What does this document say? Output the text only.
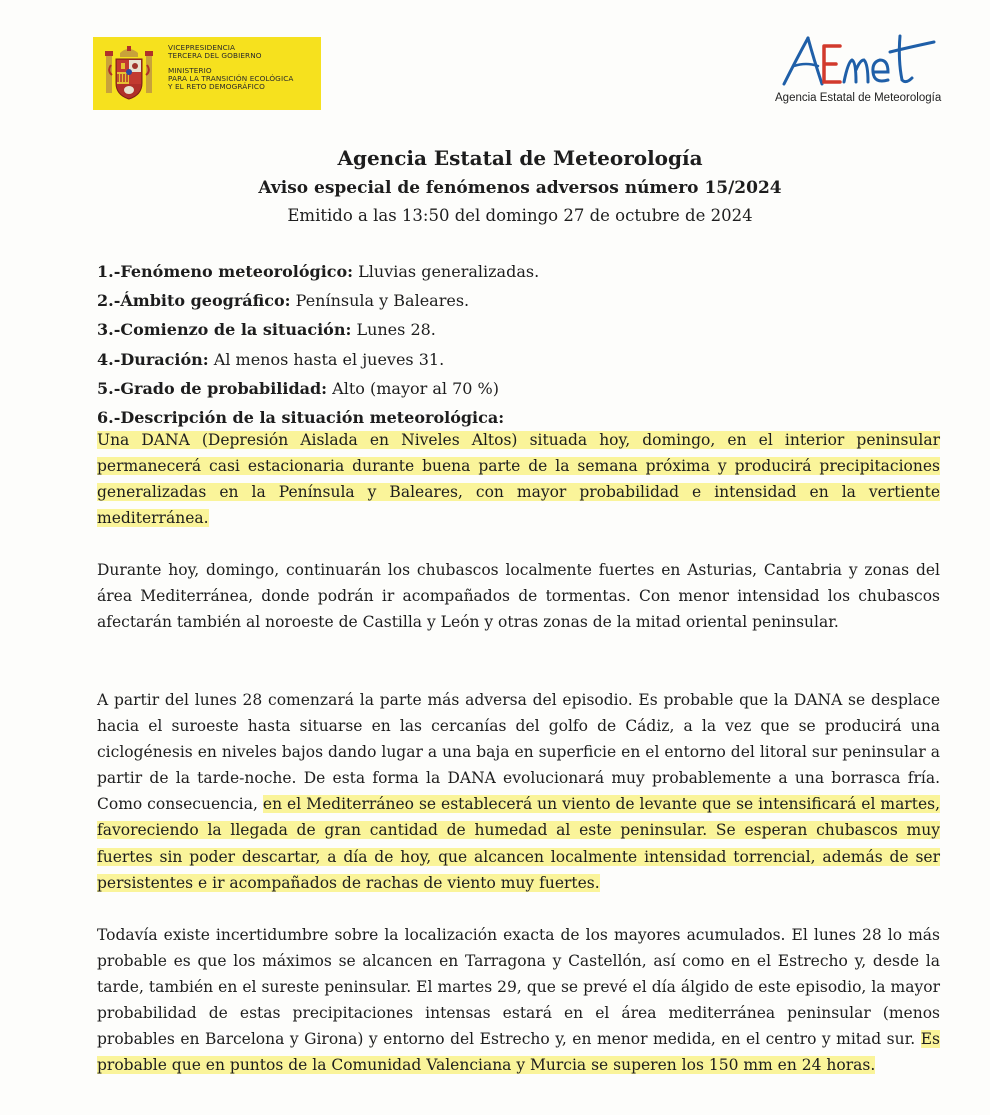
VICEPRESIDENCIA
TERCERA DEL GOBIERNO
MINISTERIO
PARA LA TRANSICIÓN ECOLÓGICA
Y EL RETO DEMOGRÁFICO
Agencia Estatal de Meteorología
Agencia Estatal de Meteorología
Aviso especial de fenómenos adversos número 15/2024
Emitido a las 13:50 del domingo 27 de octubre de 2024
1.-Fenómeno meteorológico: Lluvias generalizadas.
2.-Ámbito geográfico: Península y Baleares.
3.-Comienzo de la situación: Lunes 28.
4.-Duración: Al menos hasta el jueves 31.
5.-Grado de probabilidad: Alto (mayor al 70 %)
6.-Descripción de la situación meteorológica:
Una DANA (Depresión Aislada en Niveles Altos) situada hoy, domingo, en el interior peninsular permanecerá casi estacionaria durante buena parte de la semana próxima y producirá precipitaciones generalizadas en la Península y Baleares, con mayor probabilidad e intensidad en la vertiente mediterránea.
Durante hoy, domingo, continuarán los chubascos localmente fuertes en Asturias, Cantabria y zonas del área Mediterránea, donde podrán ir acompañados de tormentas. Con menor intensidad los chubascos afectarán también al noroeste de Castilla y León y otras zonas de la mitad oriental peninsular.
A partir del lunes 28 comenzará la parte más adversa del episodio. Es probable que la DANA se desplace hacia el suroeste hasta situarse en las cercanías del golfo de Cádiz, a la vez que se producirá una ciclogénesis en niveles bajos dando lugar a una baja en superficie en el entorno del litoral sur peninsular a partir de la tarde-noche. De esta forma la DANA evolucionará muy probablemente a una borrasca fría. Como consecuencia, en el Mediterráneo se establecerá un viento de levante que se intensificará el martes, favoreciendo la llegada de gran cantidad de humedad al este peninsular. Se esperan chubascos muy fuertes sin poder descartar, a día de hoy, que alcancen localmente intensidad torrencial, además de ser persistentes e ir acompañados de rachas de viento muy fuertes.
Todavía existe incertidumbre sobre la localización exacta de los mayores acumulados. El lunes 28 lo más probable es que los máximos se alcancen en Tarragona y Castellón, así como en el Estrecho y, desde la tarde, también en el sureste peninsular. El martes 29, que se prevé el día álgido de este episodio, la mayor probabilidad de estas precipitaciones intensas estará en el área mediterránea peninsular (menos probables en Barcelona y Girona) y entorno del Estrecho y, en menor medida, en el centro y mitad sur. Es probable que en puntos de la Comunidad Valenciana y Murcia se superen los 150 mm en 24 horas.
